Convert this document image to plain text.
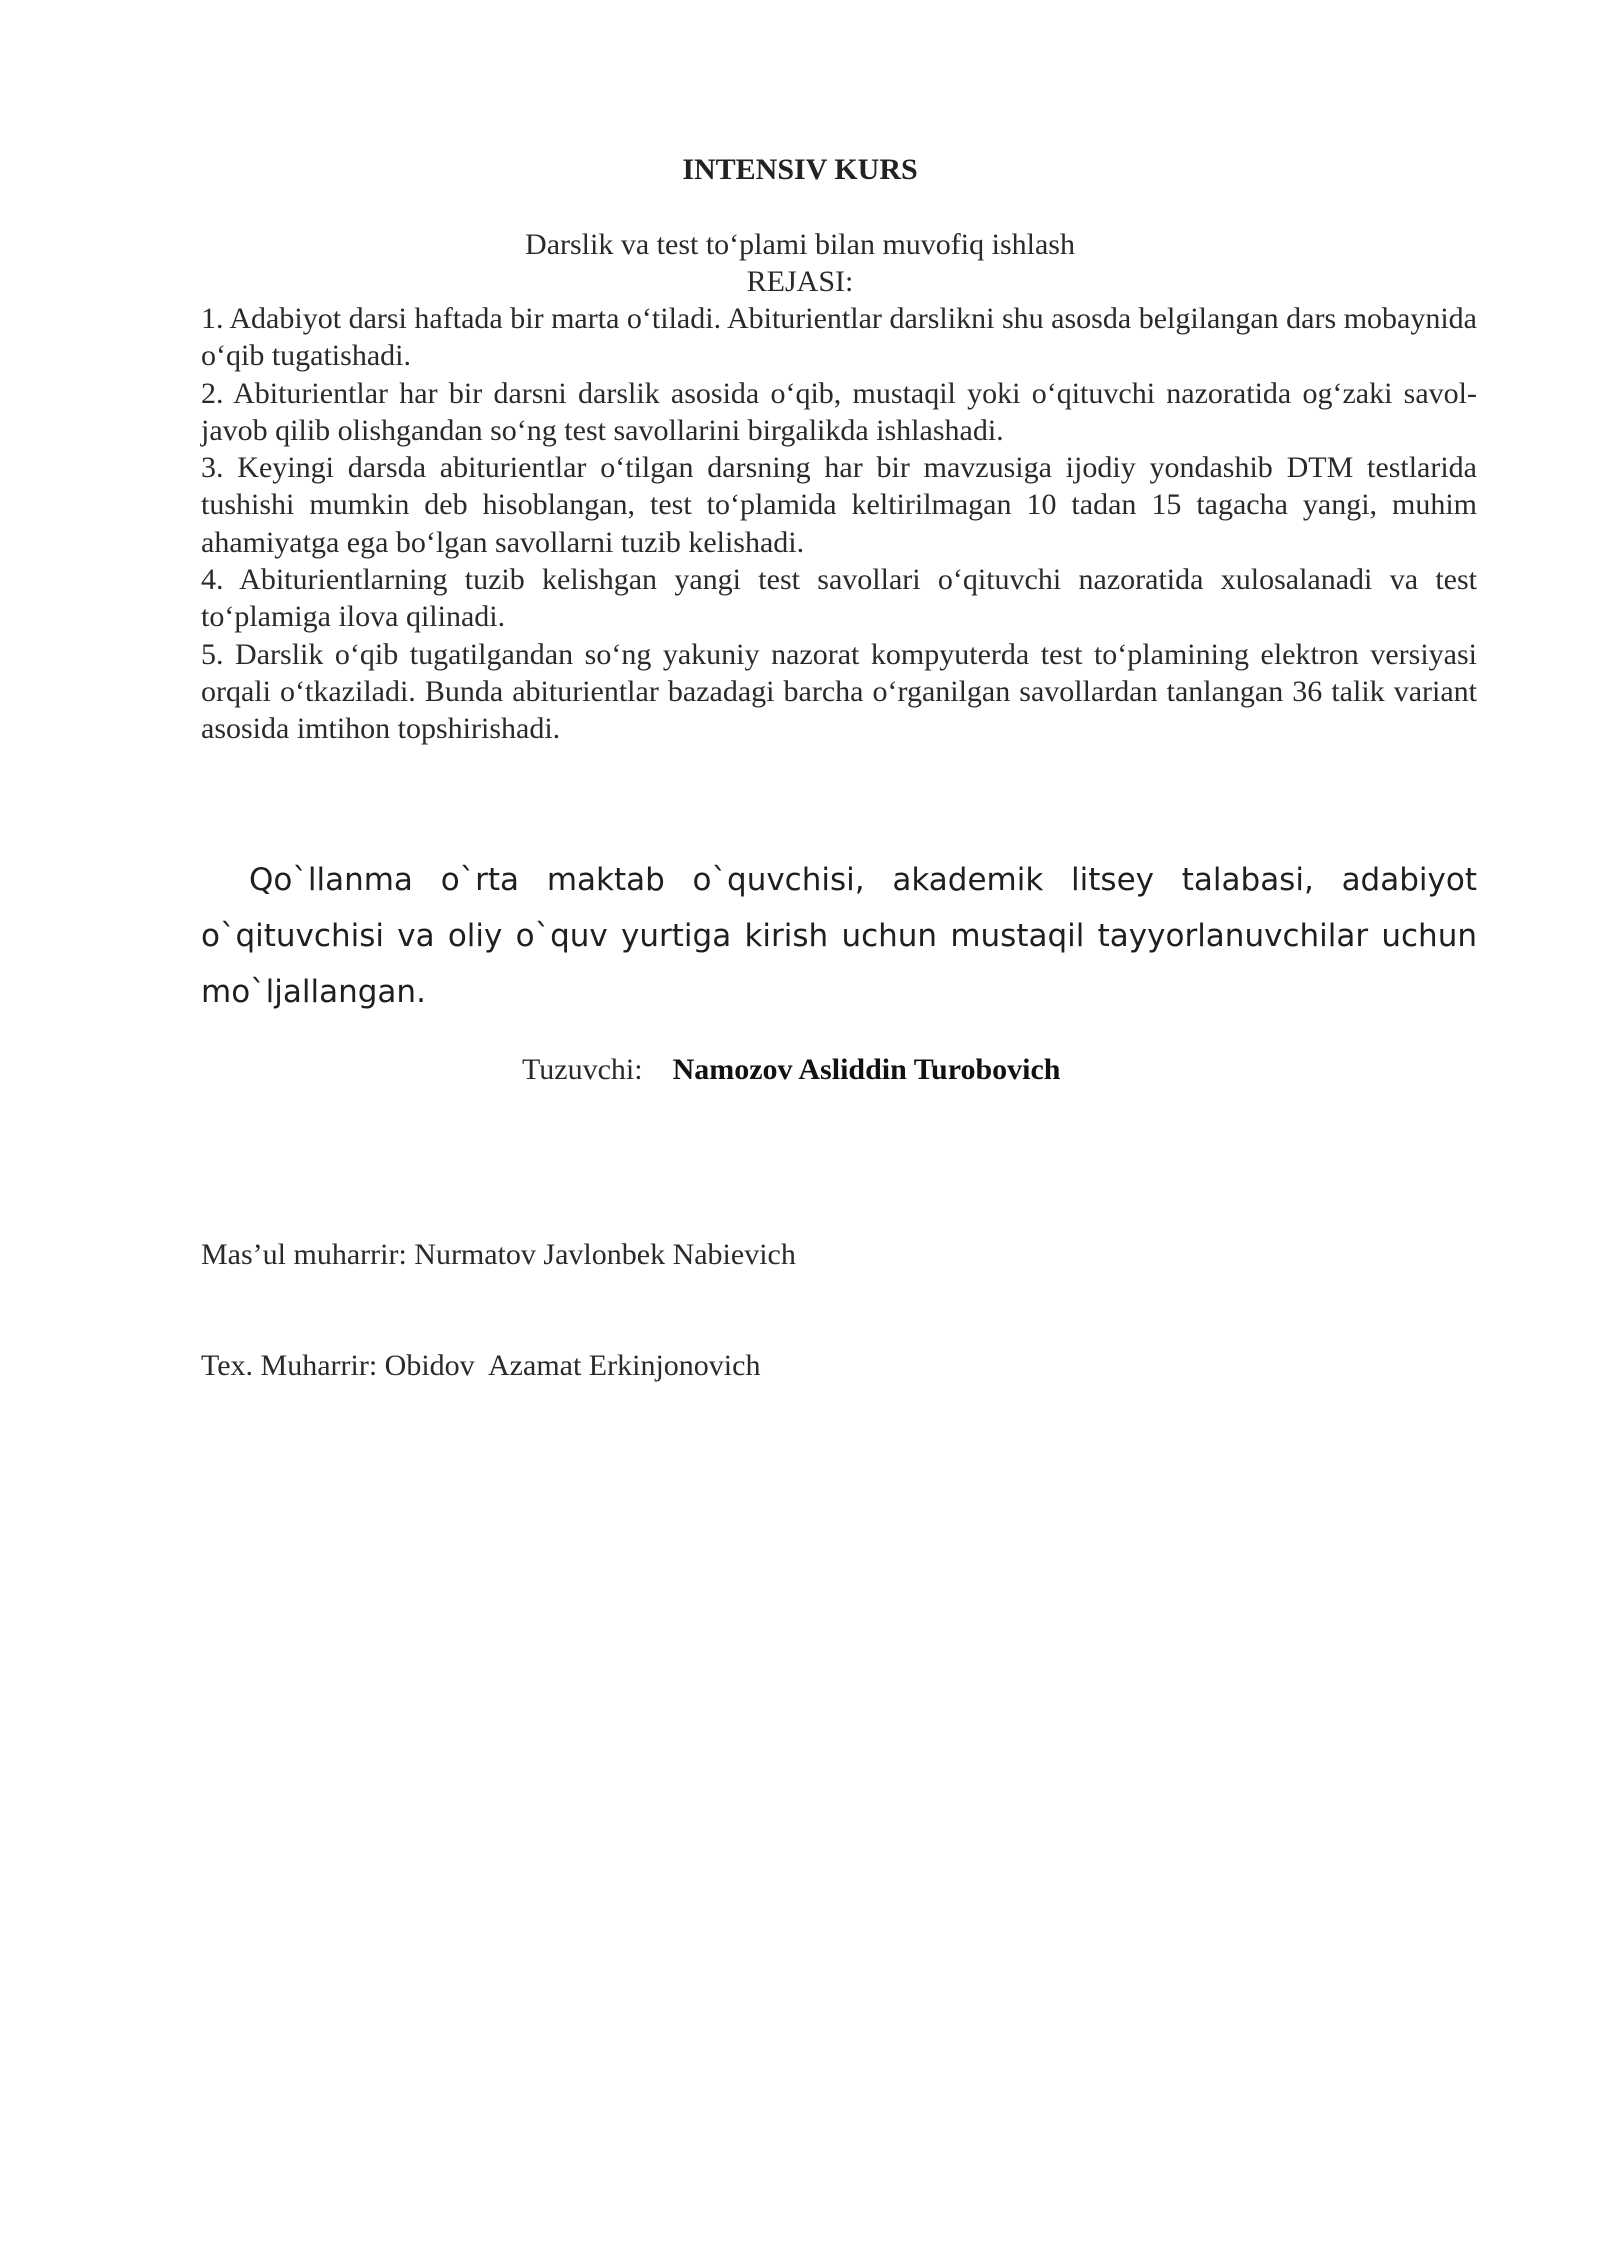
INTENSIV KURS
Darslik va test to‘plami bilan muvofiq ishlash
REJASI:

1. Adabiyot darsi haftada bir marta o‘tiladi. Abiturientlar darslikni shu asosda belgilangan dars mobaynida o‘qib tugatishadi.

2. Abiturientlar har bir darsni darslik asosida o‘qib, mustaqil yoki o‘qituvchi nazoratida og‘zaki savol-javob qilib olishgandan so‘ng test savollarini birgalikda ishlashadi.

3. Keyingi darsda abiturientlar o‘tilgan darsning har bir mavzusiga ijodiy yondashib DTM testlarida tushishi mumkin deb hisoblangan, test to‘plamida keltirilmagan 10 tadan 15 tagacha yangi, muhim ahamiyatga ega bo‘lgan savollarni tuzib kelishadi.

4. Abiturientlarning tuzib kelishgan yangi test savollari o‘qituvchi nazoratida xulosalanadi va test to‘plamiga ilova qilinadi.

5. Darslik o‘qib tugatilgandan so‘ng yakuniy nazorat kompyuterda test to‘plamining elektron versiyasi orqali o‘tkaziladi. Bunda abiturientlar bazadagi barcha o‘rganilgan savollardan tanlangan 36 talik variant asosida imtihon topshirishadi.

Qo`llanma o`rta maktab o`quvchisi, akademik litsey talabasi, adabiyot o`qituvchisi va oliy o`quv yurtiga kirish uchun mustaqil tayyorlanuvchilar uchun mo`ljallangan.

Tuzuvchi: Namozov Asliddin Turobovich

Mas’ul muharrir: Nurmatov Javlonbek Nabievich

Tex. Muharrir: Obidov  Azamat Erkinjonovich
